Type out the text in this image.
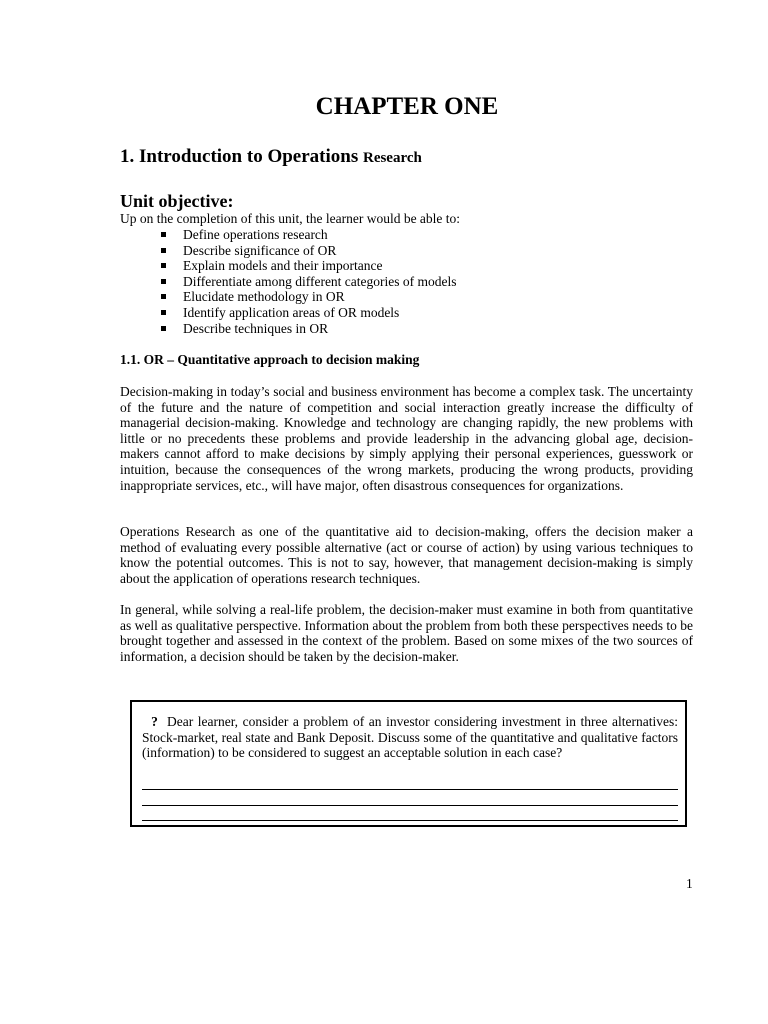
CHAPTER ONE
1. Introduction to Operations Research
Unit objective:

Up on the completion of this unit, the learner would be able to:

Define operations research
Describe significance of OR
Explain models and their importance
Differentiate among different categories of models
Elucidate methodology in OR
Identify application areas of OR models
Describe techniques in OR
1.1. OR – Quantitative approach to decision making

Decision-making in today’s social and business environment has become a complex task. The uncertainty of the future and the nature of competition and social interaction greatly increase the difficulty of managerial decision-making. Knowledge and technology are changing rapidly, the new problems with little or no precedents these problems and provide leadership in the advancing global age, decision-makers cannot afford to make decisions by simply applying their personal experiences, guesswork or intuition, because the consequences of the wrong markets, producing the wrong products, providing inappropriate services, etc., will have major, often disastrous consequences for organizations.

Operations Research as one of the quantitative aid to decision-making, offers the decision maker a method of evaluating every possible alternative (act or course of action) by using various techniques to know the potential outcomes. This is not to say, however, that management decision-making is simply about the application of operations research techniques.

In general, while solving a real-life problem, the decision-maker must examine in both from quantitative as well as qualitative perspective. Information about the problem from both these perspectives needs to be brought together and assessed in the context of the problem. Based on some mixes of the two sources of information, a decision should be taken by the decision-maker.

? Dear learner, consider a problem of an investor considering investment in three alternatives: Stock-market, real state and Bank Deposit. Discuss some of the quantitative and qualitative factors (information) to be considered to suggest an acceptable solution in each case?

1
